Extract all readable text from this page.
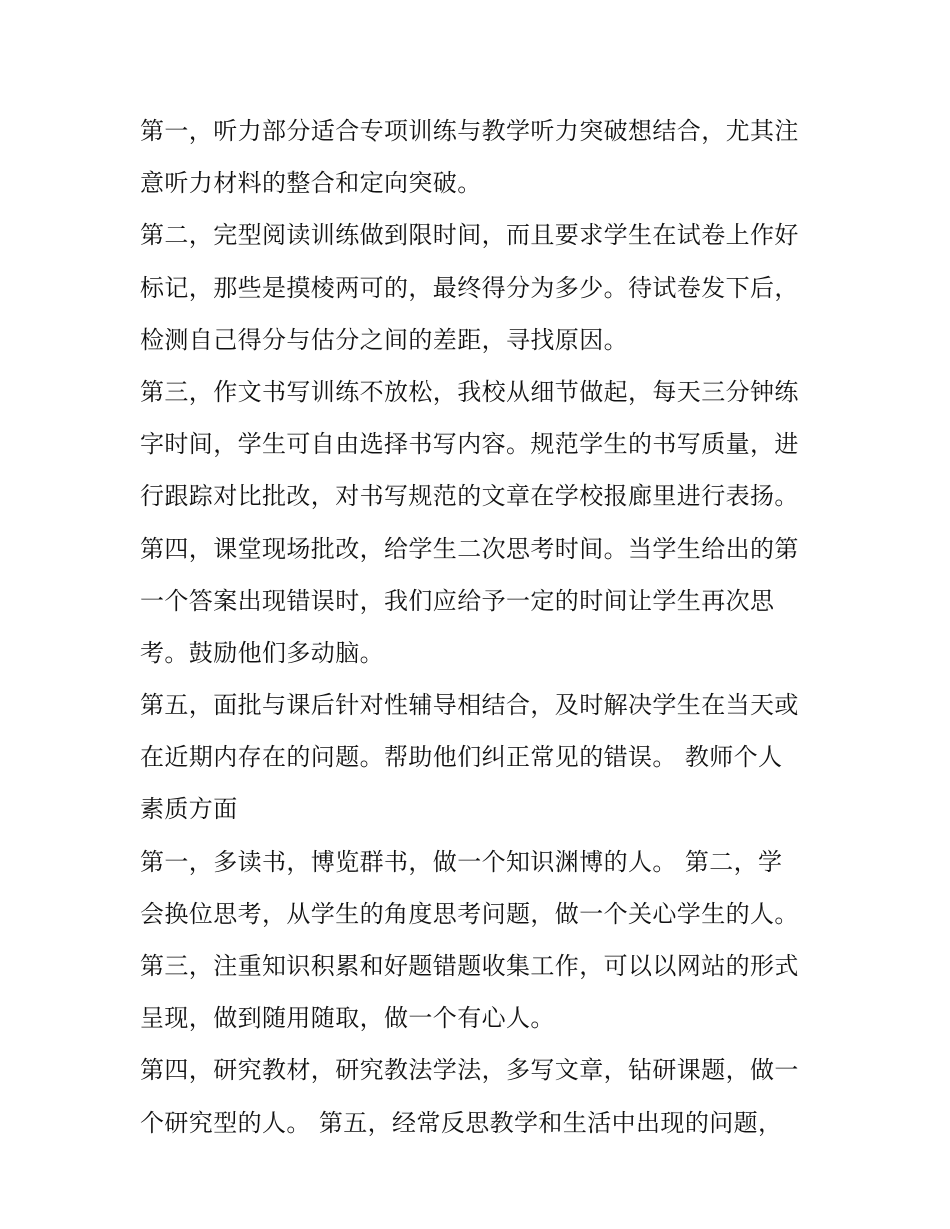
第一，听力部分适合专项训练与教学听力突破想结合，尤其注
意听力材料的整合和定向突破。
第二，完型阅读训练做到限时间，而且要求学生在试卷上作好
标记，那些是摸棱两可的，最终得分为多少。待试卷发下后，
检测自己得分与估分之间的差距，寻找原因。
第三，作文书写训练不放松，我校从细节做起，每天三分钟练
字时间，学生可自由选择书写内容。规范学生的书写质量，进
行跟踪对比批改，对书写规范的文章在学校报廊里进行表扬。
第四，课堂现场批改，给学生二次思考时间。当学生给出的第
一个答案出现错误时，我们应给予一定的时间让学生再次思
考。鼓励他们多动脑。
第五，面批与课后针对性辅导相结合，及时解决学生在当天或
在近期内存在的问题。帮助他们纠正常见的错误。 教师个人
素质方面
第一，多读书，博览群书，做一个知识渊博的人。 第二，学
会换位思考，从学生的角度思考问题，做一个关心学生的人。
第三，注重知识积累和好题错题收集工作，可以以网站的形式
呈现，做到随用随取，做一个有心人。
第四，研究教材，研究教法学法，多写文章，钻研课题，做一
个研究型的人。 第五，经常反思教学和生活中出现的问题，
